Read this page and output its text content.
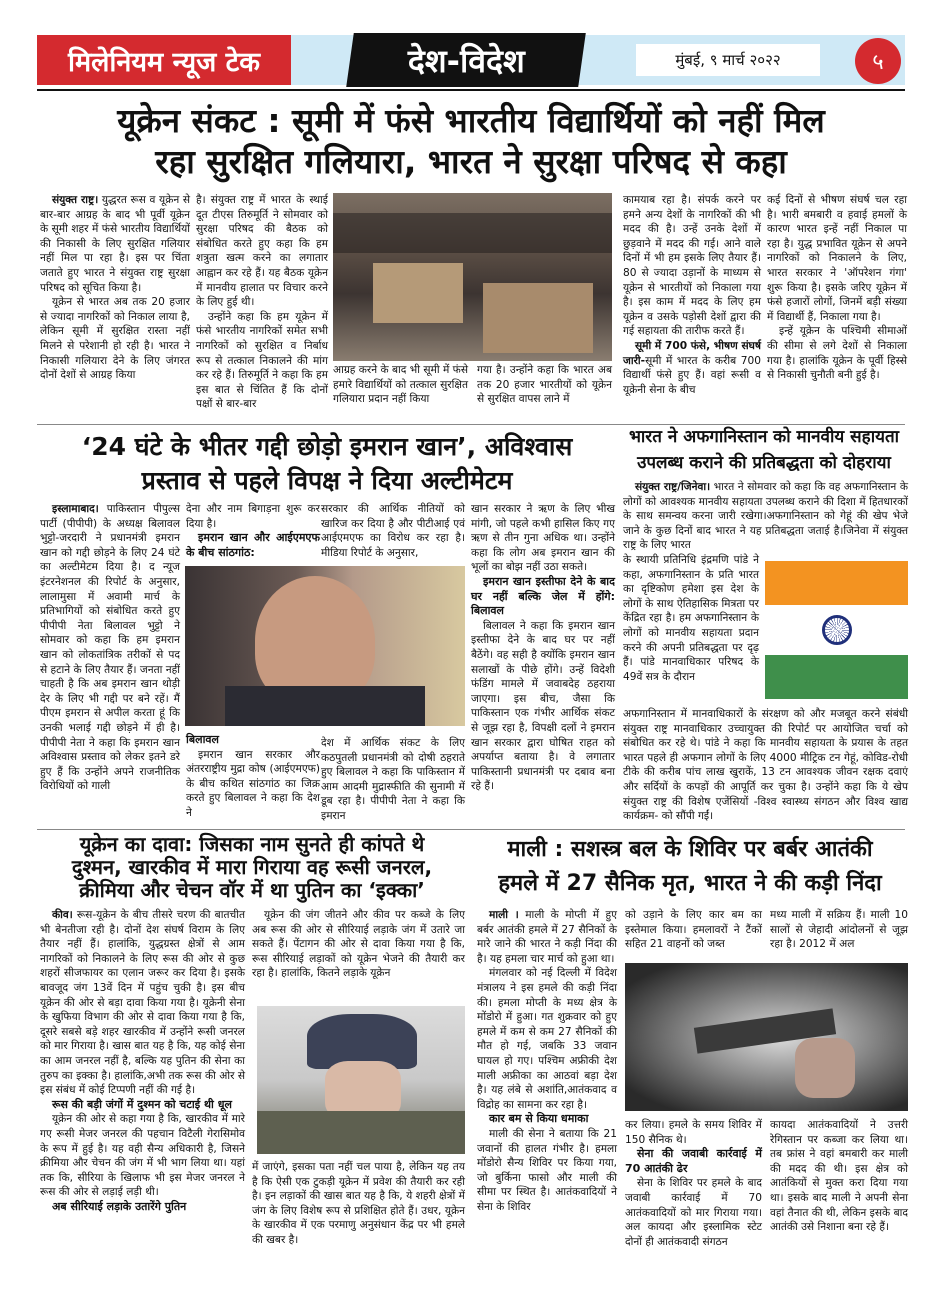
मिलेनियम न्यूज टेक	देश-विदेश	मुंबई, ९ मार्च २०२२	५
यूक्रेन संकट : सूमी में फंसे भारतीय विद्यार्थियों को नहीं मिल
रहा सुरक्षित गलियारा, भारत ने सुरक्षा परिषद से कहा

संयुक्त राष्ट्र। युद्धरत रूस व यूक्रेन से बार-बार आग्रह के बाद भी पूर्वी यूक्रेन के सूमी शहर में फंसे भारतीय विद्यार्थियों की निकासी के लिए सुरक्षित गलियार नहीं मिल पा रहा है। इस पर चिंता जताते हुए भारत ने संयुक्त राष्ट्र सुरक्षा परिषद को सूचित किया है।

यूक्रेन से भारत अब तक 20 हजार से ज्यादा नागरिकों को निकाल लाया है, लेकिन सूमी में सुरक्षित रास्ता नहीं मिलने से परेशानी हो रही है। भारत ने निकासी गलियारा देने के लिए जंगरत दोनों देशों से आग्रह किया

है। संयुक्त राष्ट्र में भारत के स्थाई दूत टीएस तिरुमूर्ति ने सोमवार को सुरक्षा परिषद की बैठक को संबोधित करते हुए कहा कि हम शत्रुता खत्म करने का लगातार आह्वान कर रहे हैं। यह बैठक यूक्रेन में मानवीय हालात पर विचार करने के लिए हुई थी।

उन्होंने कहा कि हम यूक्रेन में फंसे भारतीय नागरिकों समेत सभी नागरिकों को सुरक्षित व निर्बाध रूप से तत्काल निकालने की मांग कर रहे हैं। तिरुमूर्ति ने कहा कि हम इस बात से चिंतित हैं कि दोनों पक्षों से बार-बार

आग्रह करने के बाद भी सूमी में फंसे हमारे विद्यार्थियों को तत्काल सुरक्षित गलियारा प्रदान नहीं किया

गया है। उन्होंने कहा कि भारत अब तक 20 हजार भारतीयों को यूक्रेन से सुरक्षित वापस लाने में

कामयाब रहा है। संपर्क करने पर हमने अन्य देशों के नागरिकों की भी मदद की है। उन्हें उनके देशों में छुड़वाने में मदद की गई। आने वाले दिनों में भी हम इसके लिए तैयार हैं। 80 से ज्यादा उड़ानों के माध्यम से यूक्रेन से भारतीयों को निकाला गया है। इस काम में मदद के लिए हम यूक्रेन व उसके पड़ोसी देशों द्वारा की गई सहायता की तारीफ करते हैं।

सूमी में 700 फंसे, भीषण संघर्ष जारी-सूमी में भारत के करीब 700 विद्यार्थी फंसे हुए हैं। वहां रूसी व यूक्रेनी सेना के बीच

कई दिनों से भीषण संघर्ष चल रहा है। भारी बमबारी व हवाई हमलों के कारण भारत इन्हें नहीं निकाल पा रहा है। युद्ध प्रभावित यूक्रेन से अपने नागरिकों को निकालने के लिए, भारत सरकार ने 'ऑपरेशन गंगा' शुरू किया है। इसके जरिए यूक्रेन में फंसे हजारों लोगों, जिनमें बड़ी संख्या में विद्यार्थी हैं, निकाला गया है।

इन्हें यूक्रेन के पश्चिमी सीमाओं की सीमा से लगे देशों से निकाला गया है। हालांकि यूक्रेन के पूर्वी हिस्से से निकासी चुनौती बनी हुई है।

‘24 घंटे के भीतर गद्दी छोड़ो इमरान खान’, अविश्वास
प्रस्ताव से पहले विपक्ष ने दिया अल्टीमेटम

इस्लामाबाद। पाकिस्तान पीपुल्स पार्टी (पीपीपी) के अध्यक्ष बिलावल भुट्टो-जरदारी ने प्रधानमंत्री इमरान खान को गद्दी छोड़ने के लिए 24 घंटे का अल्टीमेटम दिया है। द न्यूज इंटरनेशनल की रिपोर्ट के अनुसार, लालामुसा में अवामी मार्च के प्रतिभागियों को संबोधित करते हुए पीपीपी नेता बिलावल भुट्टो ने सोमवार को कहा कि हम इमरान खान को लोकतांत्रिक तरीकों से पद से हटाने के लिए तैयार हैं। जनता नहीं चाहती है कि अब इमरान खान थोड़ी देर के लिए भी गद्दी पर बने रहें। मैं पीएम इमरान से अपील करता हूं कि उनकी भलाई गद्दी छोड़ने में ही है। पीपीपी नेता ने कहा कि इमरान खान अविश्वास प्रस्ताव को लेकर इतने डरे हुए हैं कि उन्होंने अपने राजनीतिक विरोधियों को गाली

देना और नाम बिगाड़ना शुरू कर दिया है।

इमरान खान और आईएमएफ के बीच सांठगांठ:

सरकार की आर्थिक नीतियों को खारिज कर दिया है और पीटीआई एवं आईएमएफ का विरोध कर रहा है। मीडिया रिपोर्ट के अनुसार,

बिलावल

इमरान खान सरकार और अंतरराष्ट्रीय मुद्रा कोष (आईएमएफ) के बीच कथित सांठगांठ का जिक्र करते हुए बिलावल ने कहा कि देश ने

देश में आर्थिक संकट के लिए कठपुतली प्रधानमंत्री को दोषी ठहराते हुए बिलावल ने कहा कि पाकिस्तान में आम आदमी मुद्रास्फीति की सुनामी में डूब रहा है। पीपीपी नेता ने कहा कि इमरान

खान सरकार ने ऋण के लिए भीख मांगी, जो पहले कभी हासिल किए गए ऋण से तीन गुना अधिक था। उन्होंने कहा कि लोग अब इमरान खान की भूलों का बोझ नहीं उठा सकते।

इमरान खान इस्तीफा देने के बाद घर नहीं बल्कि जेल में होंगे: बिलावल

बिलावल ने कहा कि इमरान खान इस्तीफा देने के बाद घर पर नहीं बैठेंगे। वह सही है क्योंकि इमरान खान सलाखों के पीछे होंगे। उन्हें विदेशी फंडिंग मामले में जवाबदेह ठहराया जाएगा। इस बीच, जैसा कि पाकिस्तान एक गंभीर आर्थिक संकट से जूझ रहा है, विपक्षी दलों ने इमरान खान सरकार द्वारा घोषित राहत को अपर्याप्त बताया है। वे लगातार पाकिस्तानी प्रधानमंत्री पर दबाव बना रहे हैं।

भारत ने अफगानिस्तान को मानवीय सहायता
उपलब्ध कराने की प्रतिबद्धता को दोहराया

संयुक्त राष्ट्र/जिनेवा। भारत ने सोमवार को कहा कि वह अफगानिस्तान के लोगों को आवश्यक मानवीय सहायता उपलब्ध कराने की दिशा में हितधारकों के साथ समन्वय करना जारी रखेगा।अफगानिस्तान को गेहूं की खेप भेजे जाने के कुछ दिनों बाद भारत ने यह प्रतिबद्धता जताई है।जिनेवा में संयुक्त राष्ट्र के लिए भारत

के स्थायी प्रतिनिधि इंद्रमणि पांडे ने कहा, अफगानिस्तान के प्रति भारत का दृष्टिकोण हमेशा इस देश के लोगों के साथ ऐतिहासिक मित्रता पर केंद्रित रहा है। हम अफगानिस्तान के लोगों को मानवीय सहायता प्रदान करने की अपनी प्रतिबद्धता पर दृढ़ हैं। पांडे मानवाधिकार परिषद के 49वें सत्र के दौरान

अफगानिस्तान में मानवाधिकारों के संरक्षण को और मजबूत करने संबंधी संयुक्त राष्ट्र मानवाधिकार उच्चायुक्त की रिपोर्ट पर आयोजित चर्चा को संबोधित कर रहे थे। पांडे ने कहा कि मानवीय सहायता के प्रयास के तहत भारत पहले ही अफगान लोगों के लिए 4000 मीट्रिक टन गेहूं, कोविड-रोधी टीके की करीब पांच लाख खुराकें, 13 टन आवश्यक जीवन रक्षक दवाएं और सर्दियों के कपड़ों की आपूर्ति कर चुका है। उन्होंने कहा कि ये खेप संयुक्त राष्ट्र की विशेष एजेंसियों -विश्व स्वास्थ्य संगठन और विश्व खाद्य कार्यक्रम- को सौंपी गईं।

यूक्रेन का दावा: जिसका नाम सुनते ही कांपते थे
दुश्मन, खारकीव में मारा गिराया वह रूसी जनरल,
क्रीमिया और चेचन वॉर में था पुतिन का ‘इक्का’

कीव। रूस-यूक्रेन के बीच तीसरे चरण की बातचीत भी बेनतीजा रही है। दोनों देश संघर्ष विराम के लिए तैयार नहीं हैं। हालांकि, युद्धग्रस्त क्षेत्रों से आम नागरिकों को निकालने के लिए रूस की ओर से कुछ शहरों सीजफायर का एलान जरूर कर दिया है। इसके बावजूद जंग 13वें दिन में पहुंच चुकी है। इस बीच यूक्रेन की ओर से बड़ा दावा किया गया है। यूक्रेनी सेना के खुफिया विभाग की ओर से दावा किया गया है कि, दूसरे सबसे बड़े शहर खारकीव में उन्होंने रूसी जनरल को मार गिराया है। खास बात यह है कि, यह कोई सेना का आम जनरल नहीं है, बल्कि यह पुतिन की सेना का तुरुप का इक्का है। हालांकि,अभी तक रूस की ओर से इस संबंध में कोई टिप्पणी नहीं की गई है।

रूस की बड़ी जंगों में दुश्मन को चटाई थी धूल

यूक्रेन की ओर से कहा गया है कि, खारकीव में मारे गए रूसी मेजर जनरल की पहचान विटैली गेरासिमोव के रूप में हुई है। यह वही सैन्य अधिकारी है, जिसने क्रीमिया और चेचन की जंग में भी भाग लिया था। यहां तक कि, सीरिया के खिलाफ भी इस मेजर जनरल ने रूस की ओर से लड़ाई लड़ी थी।

अब सीरियाई लड़ाके उतारेंगे पुतिन

यूक्रेन की जंग जीतने और कीव पर कब्जे के लिए अब रूस की ओर से सीरियाई लड़ाके जंग में उतारे जा सकते हैं। पेंटागन की ओर से दावा किया गया है कि, रूस सीरियाई लड़ाकों को यूक्रेन भेजने की तैयारी कर रहा है। हालांकि, कितने लड़ाके यूक्रेन

में जाएंगे, इसका पता नहीं चल पाया है, लेकिन यह तय है कि ऐसी एक टुकड़ी यूक्रेन में प्रवेश की तैयारी कर रही है। इन लड़ाकों की खास बात यह है कि, ये शहरी क्षेत्रों में जंग के लिए विशेष रूप से प्रशिक्षित होते हैं। उधर, यूक्रेन के खारकीव में एक परमाणु अनुसंधान केंद्र पर भी हमले की खबर है।

माली : सशस्त्र बल के शिविर पर बर्बर आतंकी
हमले में 27 सैनिक मृत, भारत ने की कड़ी निंदा

माली । माली के मोप्ती में हुए बर्बर आतंकी हमले में 27 सैनिकों के मारे जाने की भारत ने कड़ी निंदा की है। यह हमला चार मार्च को हुआ था।

मंगलवार को नई दिल्ली में विदेश मंत्रालय ने इस हमले की कड़ी निंदा की। हमला मोप्ती के मध्य क्षेत्र के मोंडोरो में हुआ। गत शुक्रवार को हुए हमले में कम से कम 27 सैनिकों की मौत हो गई, जबकि 33 जवान घायल हो गए। पश्चिम अफ्रीकी देश माली अफ्रीका का आठवां बड़ा देश है। यह लंबे से अशांति,आतंकवाद व विद्रोह का सामना कर रहा है।

कार बम से किया धमाका

माली की सेना ने बताया कि 21 जवानों की हालत गंभीर है। हमला मोंडोरो सैन्य शिविर पर किया गया, जो बुर्किना फासो और माली की सीमा पर स्थित है। आतंकवादियों ने सेना के शिविर

को उड़ाने के लिए कार बम का इस्तेमाल किया। हमलावरों ने टैंकों सहित 21 वाहनों को जब्त

मध्य माली में सक्रिय हैं। माली 10 सालों से जेहादी आंदोलनों से जूझ रहा है। 2012 में अल

कर लिया। हमले के समय शिविर में 150 सैनिक थे।

सेना की जवाबी कार्रवाई में 70 आतंकी ढेर

सेना के शिविर पर हमले के बाद जवाबी कार्रवाई में 70 आतंकवादियों को मार गिराया गया। अल कायदा और इस्लामिक स्टेट दोनों ही आतंकवादी संगठन

कायदा आतंकवादियों ने उत्तरी रेगिस्तान पर कब्जा कर लिया था। तब फ्रांस ने वहां बमबारी कर माली की मदद की थी। इस क्षेत्र को आतंकियों से मुक्त करा दिया गया था। इसके बाद माली ने अपनी सेना वहां तैनात की थी, लेकिन इसके बाद आतंकी उसे निशाना बना रहे हैं।
